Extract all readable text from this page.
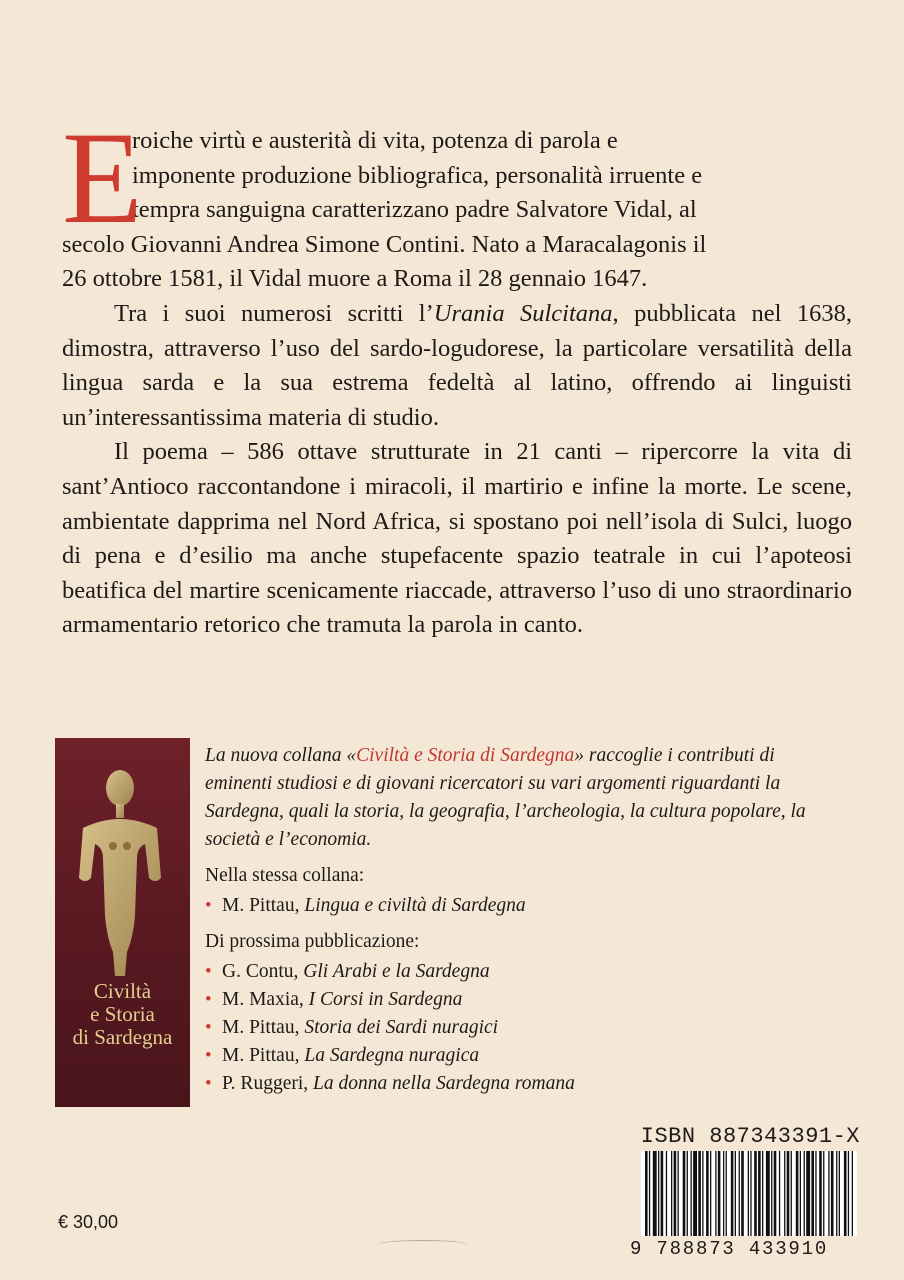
E
roiche virtù e austerità di vita, potenza di parola e
imponente produzione bibliografica, personalità irruente e
tempra sanguigna caratterizzano padre Salvatore Vidal, al
secolo Giovanni Andrea Simone Contini. Nato a Maracalagonis il
26 ottobre 1581, il Vidal muore a Roma il 28 gennaio 1647.

Tra i suoi numerosi scritti l’Urania Sulcitana, pubblicata nel 1638, dimostra, attraverso l’uso del sardo-logudorese, la particolare versatilità della lingua sarda e la sua estrema fedeltà al latino, offrendo ai linguisti un’interessantissima materia di studio.

Il poema – 586 ottave strutturate in 21 canti – ripercorre la vita di sant’Antioco raccontandone i miracoli, il martirio e infine la morte. Le scene, ambientate dapprima nel Nord Africa, si spostano poi nell’isola di Sulci, luogo di pena e d’esilio ma anche stupefacente spazio teatrale in cui l’apoteosi beatifica del martire scenicamente riaccade, attraverso l’uso di uno straordinario armamentario retorico che tramuta la parola in canto.

Civiltà
e Storia
di Sardegna

La nuova collana «Civiltà e Storia di Sardegna» raccoglie i contributi di eminenti studiosi e di giovani ricercatori su vari argomenti riguardanti la Sardegna, quali la storia, la geografia, l’archeologia, la cultura popolare, la società e l’economia.

Nella stessa collana:
• M. Pittau, Lingua e civiltà di Sardegna
Di prossima pubblicazione:
• G. Contu, Gli Arabi e la Sardegna
• M. Maxia, I Corsi in Sardegna
• M. Pittau, Storia dei Sardi nuragici
• M. Pittau, La Sardegna nuragica
• P. Ruggeri, La donna nella Sardegna romana
ISBN 887343391-X
9 788873 433910
€ 30,00
